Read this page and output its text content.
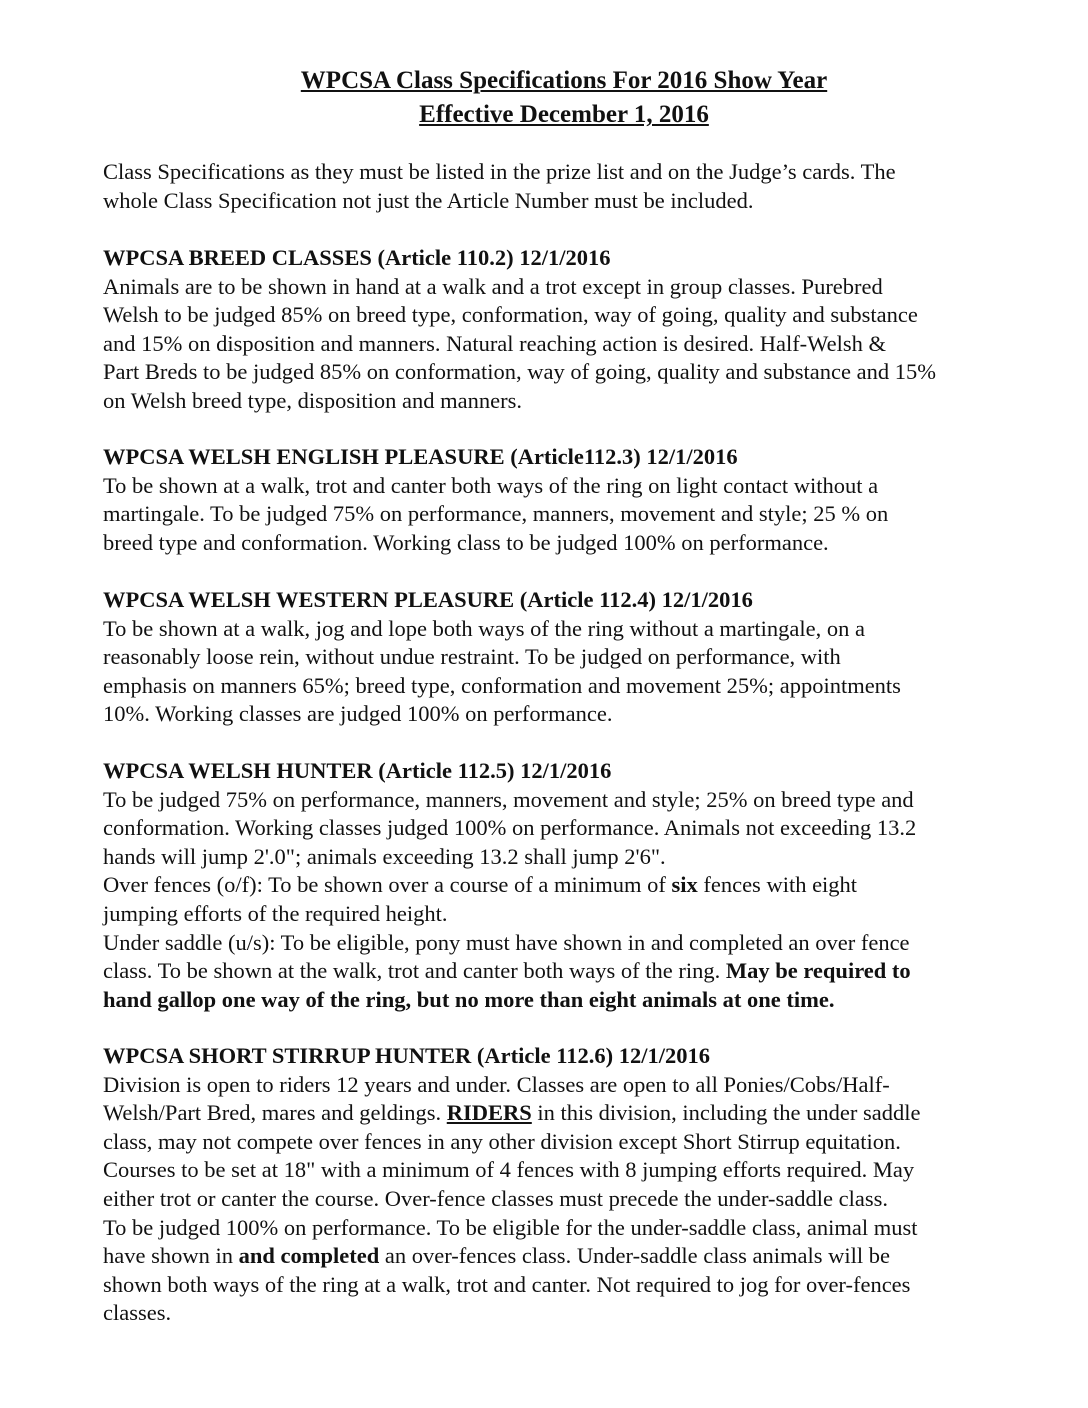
WPCSA Class Specifications For 2016 Show Year
Effective December 1, 2016
Class Specifications as they must be listed in the prize list and on the Judge’s cards. The
whole Class Specification not just the Article Number must be included.
WPCSA BREED CLASSES (Article 110.2) 12/1/2016
Animals are to be shown in hand at a walk and a trot except in group classes. Purebred
Welsh to be judged 85% on breed type, conformation, way of going, quality and substance
and 15% on disposition and manners. Natural reaching action is desired. Half-Welsh &
Part Breds to be judged 85% on conformation, way of going, quality and substance and 15%
on Welsh breed type, disposition and manners.
WPCSA WELSH ENGLISH PLEASURE (Article112.3) 12/1/2016
To be shown at a walk, trot and canter both ways of the ring on light contact without a
martingale. To be judged 75% on performance, manners, movement and style; 25 % on
breed type and conformation. Working class to be judged 100% on performance.
WPCSA WELSH WESTERN PLEASURE (Article 112.4) 12/1/2016
To be shown at a walk, jog and lope both ways of the ring without a martingale, on a
reasonably loose rein, without undue restraint. To be judged on performance, with
emphasis on manners 65%; breed type, conformation and movement 25%; appointments
10%. Working classes are judged 100% on performance.
WPCSA WELSH HUNTER (Article 112.5) 12/1/2016
To be judged 75% on performance, manners, movement and style; 25% on breed type and
conformation. Working classes judged 100% on performance. Animals not exceeding 13.2
hands will jump 2'.0"; animals exceeding 13.2 shall jump 2'6".
Over fences (o/f): To be shown over a course of a minimum of six fences with eight
jumping efforts of the required height.
Under saddle (u/s): To be eligible, pony must have shown in and completed an over fence
class. To be shown at the walk, trot and canter both ways of the ring. May be required to
hand gallop one way of the ring, but no more than eight animals at one time.
WPCSA SHORT STIRRUP HUNTER (Article 112.6) 12/1/2016
Division is open to riders 12 years and under. Classes are open to all Ponies/Cobs/Half-
Welsh/Part Bred, mares and geldings. RIDERS in this division, including the under saddle
class, may not compete over fences in any other division except Short Stirrup equitation.
Courses to be set at 18" with a minimum of 4 fences with 8 jumping efforts required. May
either trot or canter the course. Over-fence classes must precede the under-saddle class.
To be judged 100% on performance. To be eligible for the under-saddle class, animal must
have shown in and completed an over-fences class. Under-saddle class animals will be
shown both ways of the ring at a walk, trot and canter. Not required to jog for over-fences
classes.
